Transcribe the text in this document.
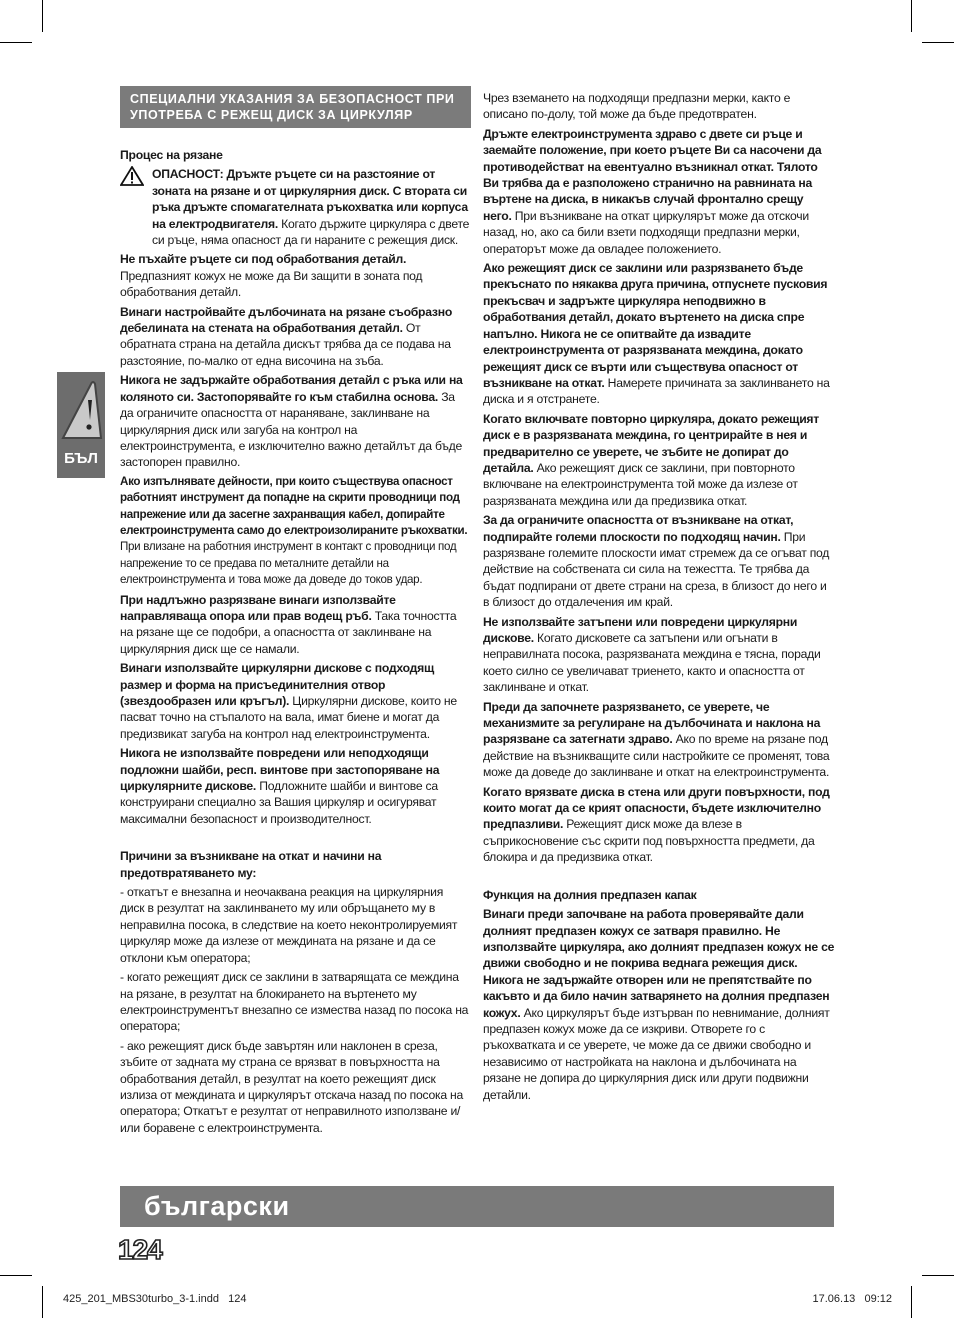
СПЕЦИАЛНИ УКАЗАНИЯ ЗА БЕЗОПАСНОСТ ПРИ
УПОТРЕБА С РЕЖЕЩ ДИСК ЗА ЦИРКУЛЯР
БЪЛ

Процес на рязане

ОПАСНОСТ: Дръжте ръцете си на разстояние от зоната на рязане и от циркулярния диск. С втората си ръка дръжте спомагателната ръкохватка или корпуса на електродвигателя. Когато държите циркуляра с двете си ръце, няма опасност да ги нараните с режещия диск.

Не пъхайте ръцете си под обработвания детайл. Предпазният кожух не може да Ви защити в зоната под обработвания детайл.

Винаги настройвайте дълбочината на рязане съобразно дебелината на стената на обработвания детайл. От обратната страна на детайла дискът трябва да се подава на разстояние, по-малко от една височина на зъба.

Никога не задържайте обработвания детайл с ръка или на коляното си. Застопорявайте го към стабилна основа. За да ограничите опасността от нараняване, заклинване на циркулярния диск или загуба на контрол на електроинструмента, е изключително важно детайлът да бъде застопорен правилно.

Ако изпълнявате дейности, при които съществува опасност работният инструмент да попадне на скрити проводници под напрежение или да засегне захранващия кабел, допирайте електроинструмента само до електроизолираните ръкохватки. При влизане на работния инструмент в контакт с проводници под напрежение то се предава по металните детайли на електроинструмента и това може да доведе до токов удар.

При надлъжно разрязване винаги използвайте направляваща опора или прав водещ ръб. Така точността на рязане ще се подобри, а опасността от заклинване на циркулярния диск ще се намали.

Винаги използвайте циркулярни дискове с подходящ размер и форма на присъединителния отвор (звездообразен или кръгъл). Циркулярни дискове, които не пасват точно на стъпалото на вала, имат биене и могат да предизвикат загуба на контрол над електроинструмента.

Никога не използвайте повредени или неподходящи подложни шайби, респ. винтове при застопоряване на циркулярните дискове. Подложните шайби и винтове са конструирани специално за Вашия циркуляр и осигуряват максимални безопасност и производителност.

Причини за възникване на откат и начини на предотвратяването му:

- откатът е внезапна и неочаквана реакция на циркулярния диск в резултат на заклинването му или обръщането му в неправилна посока, в следствие на което неконтролируемият циркуляр може да излезе от междината на рязане и да се отклони към оператора;

- когато режещият диск се заклини в затварящата се междина на рязане, в резултат на блокирането на въртенето му електроинструментът внезапно се измества назад по посока на оператора;

- ако режещият диск бъде завъртян или наклонен в среза, зъбите от задната му страна се врязват в повърхността на обработвания детайл, в резултат на което режещият диск излиза от междината и циркулярът отскача назад по посока на оператора; Откатът е резултат от неправилното използване и/или боравене с електроинструмента.

Чрез вземането на подходящи предпазни мерки, както е описано по-долу, той може да бъде предотвратен.

Дръжте електроинструмента здраво с двете си ръце и заемайте положение, при което ръцете Ви са насочени да противодействат на евентуално възникнал откат. Тялото Ви трябва да е разположено странично на равнината на въртене на диска, в никакъв случай фронтално срещу него. При възникване на откат циркулярът може да отскочи назад, но, ако са били взети подходящи предпазни мерки, операторът може да овладее положението.

Ако режещият диск се заклини или разрязването бъде прекъснато по някаква друга причина, отпуснете пусковия прекъсвач и задръжте циркуляра неподвижно в обработвания детайл, докато въртенето на диска спре напълно. Никога не се опитвайте да извадите електроинструмента от разрязваната междина, докато режещият диск се върти или съществува опасност от възникване на откат. Намерете причината за заклинването на диска и я отстранете.

Когато включвате повторно циркуляра, докато режещият диск е в разрязваната междина, го центрирайте в нея и предварително се уверете, че зъбите не допират до детайла. Ако режещият диск се заклини, при повторното включване на електроинструмента той може да излезе от разрязваната междина или да предизвика откат.

За да ограничите опасността от възникване на откат, подпирайте големи плоскости по подходящ начин. При разрязване големите плоскости имат стремеж да се огъват под действие на собствената си сила на тежестта. Те трябва да бъдат подпирани от двете страни на среза, в близост до него и в близост до отдалечения им край.

Не използвайте затъпени или повредени циркулярни дискове. Когато дисковете са затъпени или огънати в неправилната посока, разрязваната междина е тясна, поради което силно се увеличават триенето, както и опасността от заклинване и откат.

Преди да започнете разрязването, се уверете, че механизмите за регулиране на дълбочината и наклона на разрязване са затегнати здраво. Ако по време на рязане под действие на възникващите сили настройките се променят, това може да доведе до заклинване и откат на електроинструмента.

Когато врязвате диска в стена или други повърхности, под които могат да се крият опасности, бъдете изключително предпазливи. Режещият диск може да влезе в съприкосновение със скрити под повърхността предмети, да блокира и да предизвика откат.

Функция на долния предпазен капак

Винаги преди започване на работа проверявайте дали долният предпазен кожух се затваря правилно. Не използвайте циркуляра, ако долният предпазен кожух не се движи свободно и не покрива веднага режещия диск. Никога не задържайте отворен или не препятствайте по какъвто и да било начин затварянето на долния предпазен кожух. Ако циркулярът бъде изтърван по невнимание, долният предпазен кожух може да се изкриви. Отворете го с ръкохватката и се уверете, че може да се движи свободно и независимо от настройката на наклона и дълбочината на рязане не допира до циркулярния диск или други подвижни детайли.

български
124
425_201_MBS30turbo_3-1.indd   124	17.06.13   09:12
